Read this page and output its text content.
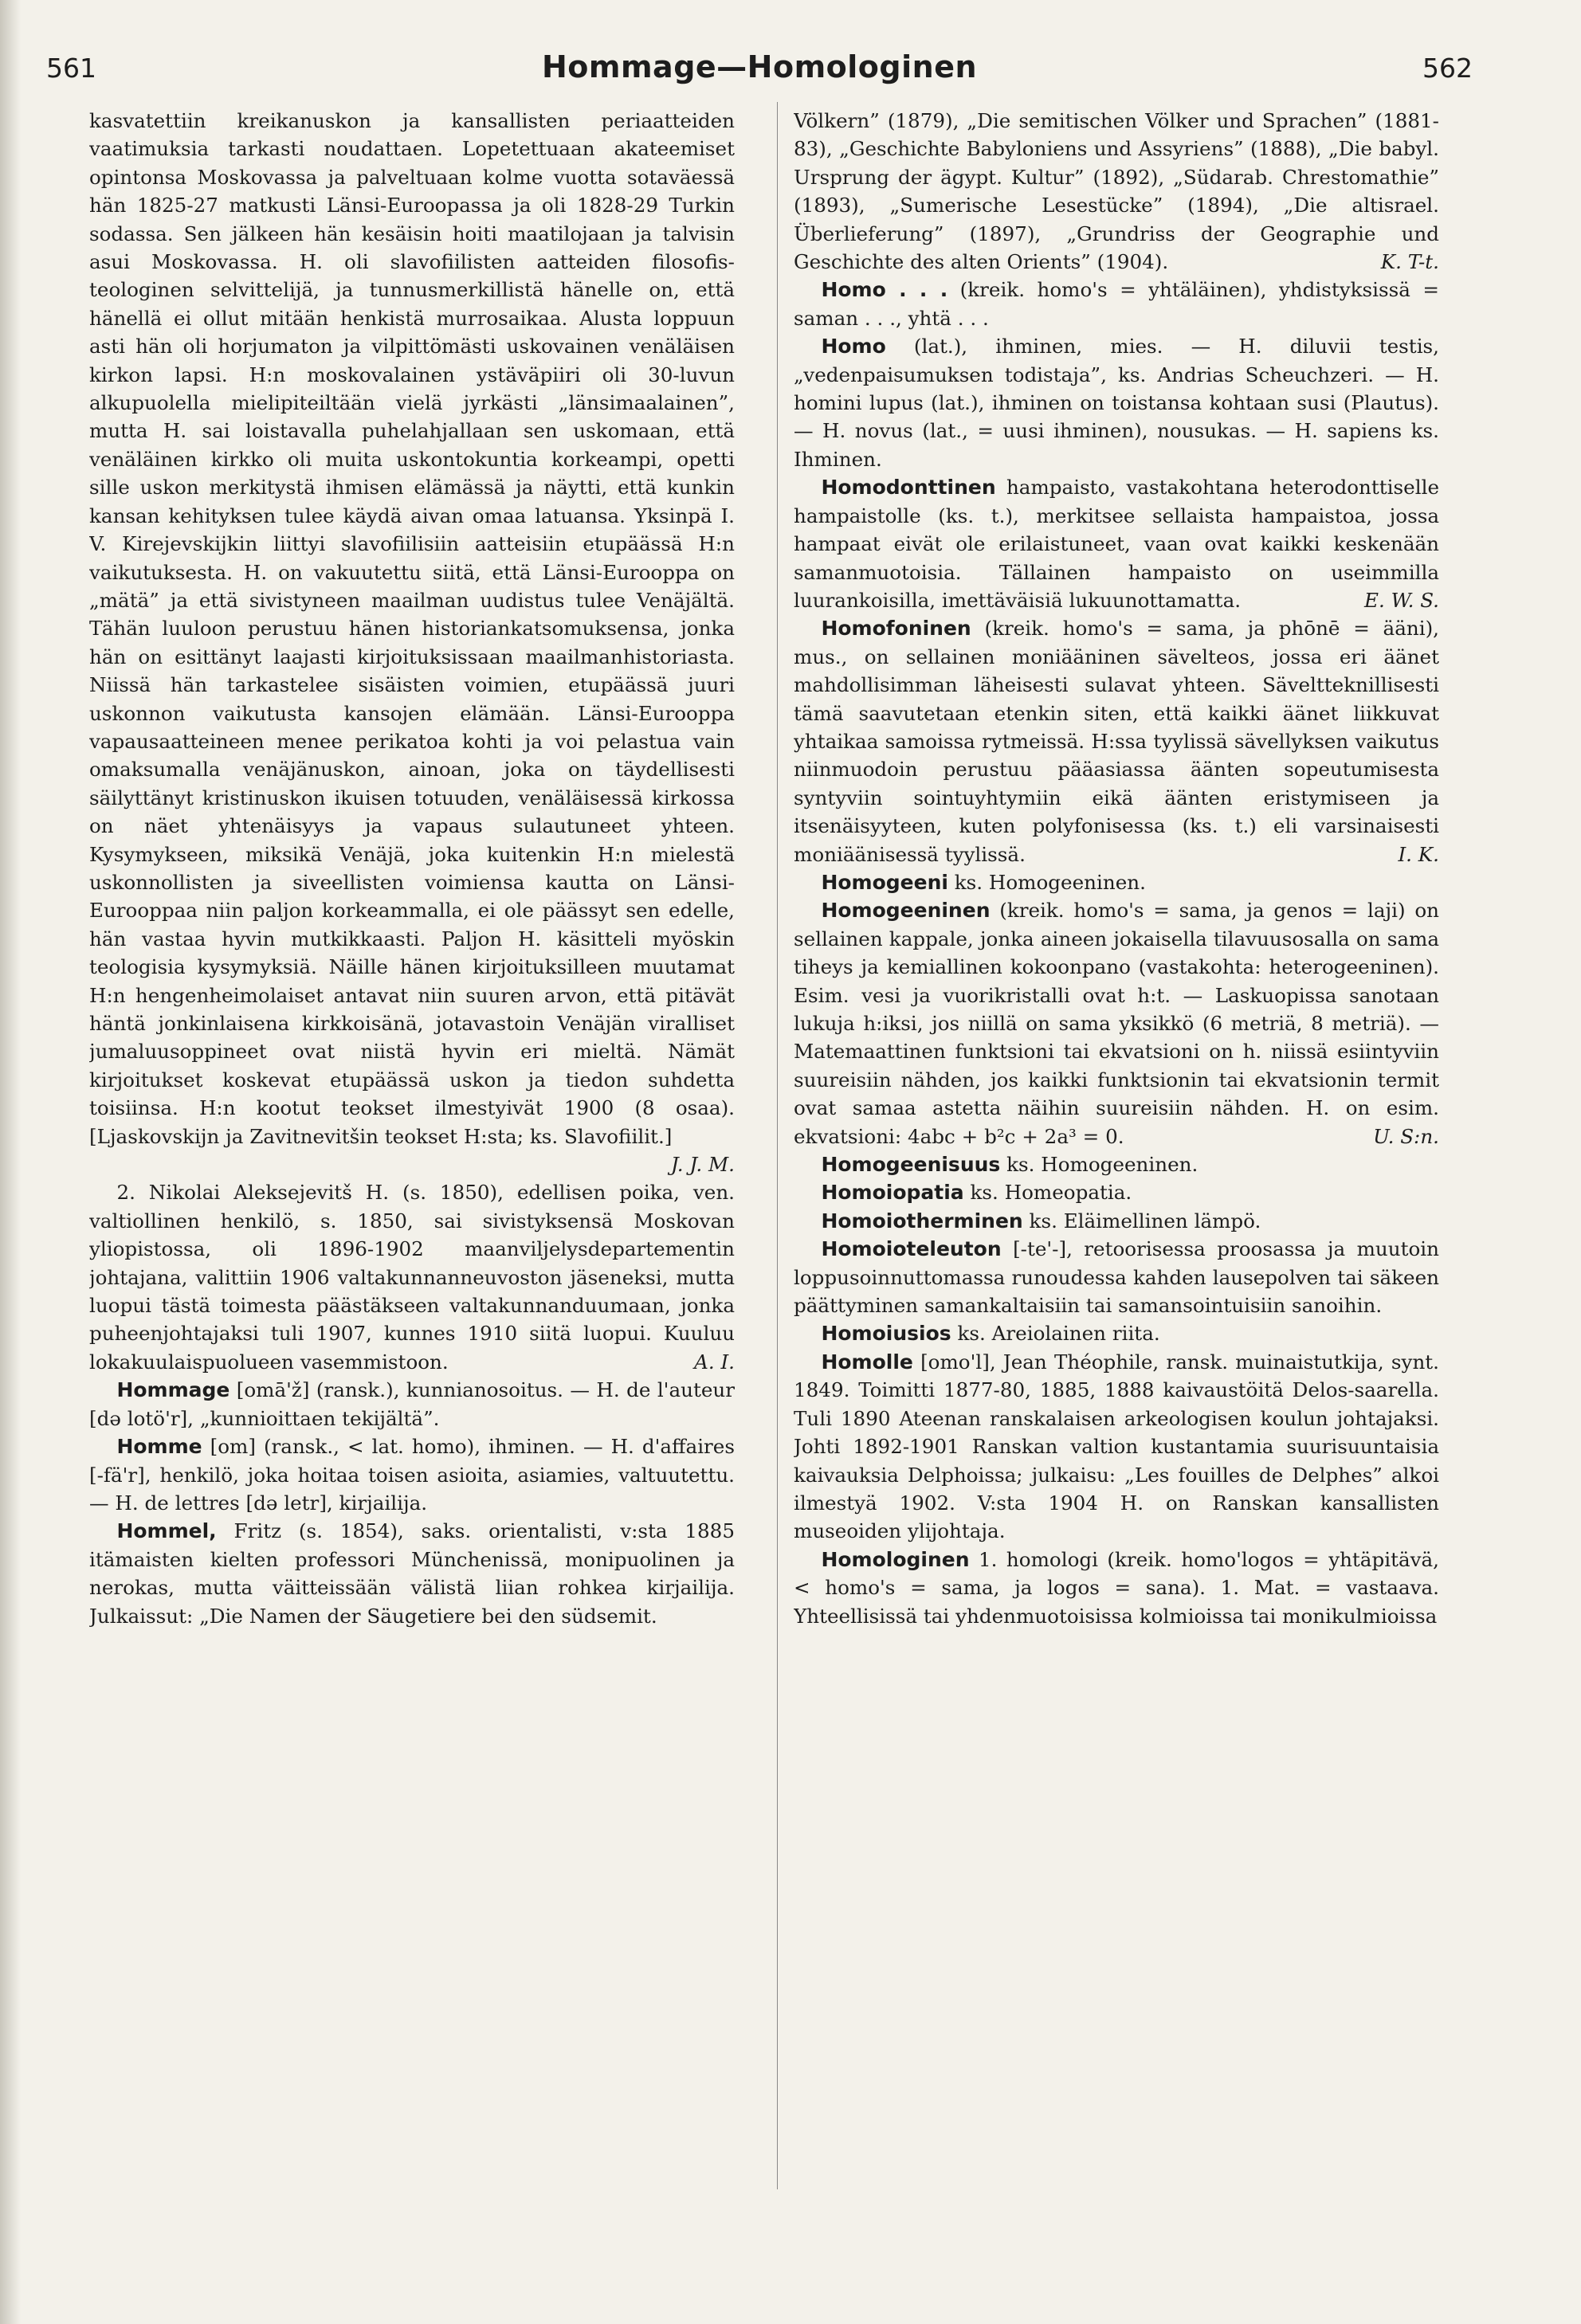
561	Hommage—Homologinen	562

kasvatettiin kreikanuskon ja kansallisten periaatteiden vaatimuksia tarkasti noudattaen. Lopetettuaan akateemiset opintonsa Moskovassa ja palveltuaan kolme vuotta sotaväessä hän 1825-27 matkusti Länsi-Euroopassa ja oli 1828-29 Turkin sodassa. Sen jälkeen hän kesäisin hoiti maatilojaan ja talvisin asui Moskovassa. H. oli slavofiilisten aatteiden filosofis-teologinen selvittelijä, ja tunnusmerkillistä hänelle on, että hänellä ei ollut mitään henkistä murrosaikaa. Alusta loppuun asti hän oli horjumaton ja vilpittömästi uskovainen venäläisen kirkon lapsi. H:n moskovalainen ystäväpiiri oli 30-luvun alkupuolella mielipiteiltään vielä jyrkästi „länsimaalainen”, mutta H. sai loistavalla puhelahjallaan sen uskomaan, että venäläinen kirkko oli muita uskontokuntia korkeampi, opetti sille uskon merkitystä ihmisen elämässä ja näytti, että kunkin kansan kehityksen tulee käydä aivan omaa latuansa. Yksinpä I. V. Kirejevskijkin liittyi slavofiilisiin aatteisiin etupäässä H:n vaikutuksesta. H. on vakuutettu siitä, että Länsi-Eurooppa on „mätä” ja että sivistyneen maailman uudistus tulee Venäjältä. Tähän luuloon perustuu hänen historiankatsomuksensa, jonka hän on esittänyt laajasti kirjoituksissaan maailmanhistoriasta. Niissä hän tarkastelee sisäisten voimien, etupäässä juuri uskonnon vaikutusta kansojen elämään. Länsi-Eurooppa vapausaatteineen menee perikatoa kohti ja voi pelastua vain omaksumalla venäjänuskon, ainoan, joka on täydellisesti säilyttänyt kristinuskon ikuisen totuuden, venäläisessä kirkossa on näet yhtenäisyys ja vapaus sulautuneet yhteen. Kysymykseen, miksikä Venäjä, joka kuitenkin H:n mielestä uskonnollisten ja siveellisten voimiensa kautta on Länsi-Eurooppaa niin paljon korkeammalla, ei ole päässyt sen edelle, hän vastaa hyvin mutkikkaasti. Paljon H. käsitteli myöskin teologisia kysymyksiä. Näille hänen kirjoituksilleen muutamat H:n hengenheimolaiset antavat niin suuren arvon, että pitävät häntä jonkinlaisena kirkkoisänä, jotavastoin Venäjän viralliset jumaluusoppineet ovat niistä hyvin eri mieltä. Nämät kirjoitukset koskevat etupäässä uskon ja tiedon suhdetta toisiinsa. H:n kootut teokset ilmestyivät 1900 (8 osaa). [Ljaskovskijn ja Zavitnevitšin teokset H:sta; ks. Slavofiilit.]
J. J. M.

2. Nikolai Aleksejevitš H. (s. 1850), edellisen poika, ven. valtiollinen henkilö, s. 1850, sai sivistyksensä Moskovan yliopistossa, oli 1896-1902 maanviljelysdepartementin johtajana, valittiin 1906 valtakunnanneuvoston jäseneksi, mutta luopui tästä toimesta päästäkseen valtakunnanduumaan, jonka puheenjohtajaksi tuli 1907, kunnes 1910 siitä luopui. Kuuluu lokakuulaispuolueen vasemmistoon.	A. I.

Hommage [omā'ž] (ransk.), kunnianosoitus. — H. de l'auteur [də lotö'r], „kunnioittaen tekijältä”.

Homme [om] (ransk., < lat. homo), ihminen. — H. d'affaires [-fä'r], henkilö, joka hoitaa toisen asioita, asiamies, valtuutettu. — H. de lettres [də letr], kirjailija.

Hommel, Fritz (s. 1854), saks. orientalisti, v:sta 1885 itämaisten kielten professori Münchenissä, monipuolinen ja nerokas, mutta väitteissään välistä liian rohkea kirjailija. Julkaissut: „Die Namen der Säugetiere bei den südsemit.

Völkern” (1879), „Die semitischen Völker und Sprachen” (1881-83), „Geschichte Babyloniens und Assyriens” (1888), „Die babyl. Ursprung der ägypt. Kultur” (1892), „Südarab. Chrestomathie” (1893), „Sumerische Lesestücke” (1894), „Die altisrael. Überlieferung” (1897), „Grundriss der Geographie und Geschichte des alten Orients” (1904).	K. T-t.

Homo . . . (kreik. homo's = yhtäläinen), yhdistyksissä = saman . . ., yhtä . . .

Homo (lat.), ihminen, mies. — H. diluvii testis, „vedenpaisumuksen todistaja”, ks. Andrias Scheuchzeri. — H. homini lupus (lat.), ihminen on toistansa kohtaan susi (Plautus). — H. novus (lat., = uusi ihminen), nousukas. — H. sapiens ks. Ihminen.

Homodonttinen hampaisto, vastakohtana heterodonttiselle hampaistolle (ks. t.), merkitsee sellaista hampaistoa, jossa hampaat eivät ole erilaistuneet, vaan ovat kaikki keskenään samanmuotoisia. Tällainen hampaisto on useimmilla luurankoisilla, imettäväisiä lukuunottamatta.	E. W. S.

Homofoninen (kreik. homo's = sama, ja phōnē = ääni), mus., on sellainen moniääninen sävelteos, jossa eri äänet mahdollisimman läheisesti sulavat yhteen. Säveltteknillisesti tämä saavutetaan etenkin siten, että kaikki äänet liikkuvat yhtaikaa samoissa rytmeissä. H:ssa tyylissä sävellyksen vaikutus niinmuodoin perustuu pääasiassa äänten sopeutumisesta syntyviin sointuyhtymiin eikä äänten eristymiseen ja itsenäisyyteen, kuten polyfonisessa (ks. t.) eli varsinaisesti moniäänisessä tyylissä.	I. K.

Homogeeni ks. Homogeeninen.

Homogeeninen (kreik. homo's = sama, ja genos = laji) on sellainen kappale, jonka aineen jokaisella tilavuusosalla on sama tiheys ja kemiallinen kokoonpano (vastakohta: heterogeeninen). Esim. vesi ja vuorikristalli ovat h:t. — Laskuopissa sanotaan lukuja h:iksi, jos niillä on sama yksikkö (6 metriä, 8 metriä). — Matemaattinen funktsioni tai ekvatsioni on h. niissä esiintyviin suureisiin nähden, jos kaikki funktsionin tai ekvatsionin termit ovat samaa astetta näihin suureisiin nähden. H. on esim. ekvatsioni: 4abc + b²c + 2a³ = 0.	U. S:n.

Homogeenisuus ks. Homogeeninen.

Homoiopatia ks. Homeopatia.

Homoiotherminen ks. Eläimellinen lämpö.

Homoioteleuton [-te'-], retoorisessa proosassa ja muutoin loppusoinnuttomassa runoudessa kahden lausepolven tai säkeen päättyminen samankaltaisiin tai samansointuisiin sanoihin.

Homoiusios ks. Areiolainen riita.

Homolle [omo'l], Jean Théophile, ransk. muinaistutkija, synt. 1849. Toimitti 1877-80, 1885, 1888 kaivaustöitä Delos-saarella. Tuli 1890 Ateenan ranskalaisen arkeologisen koulun johtajaksi. Johti 1892-1901 Ranskan valtion kustantamia suurisuuntaisia kaivauksia Delphoissa; julkaisu: „Les fouilles de Delphes” alkoi ilmestyä 1902. V:sta 1904 H. on Ranskan kansallisten museoiden ylijohtaja.

Homologinen 1. homologi (kreik. homo'logos = yhtäpitävä, < homo's = sama, ja logos = sana). 1. Mat. = vastaava. Yhteellisissä tai yhdenmuotoisissa kolmioissa tai monikulmioissa
